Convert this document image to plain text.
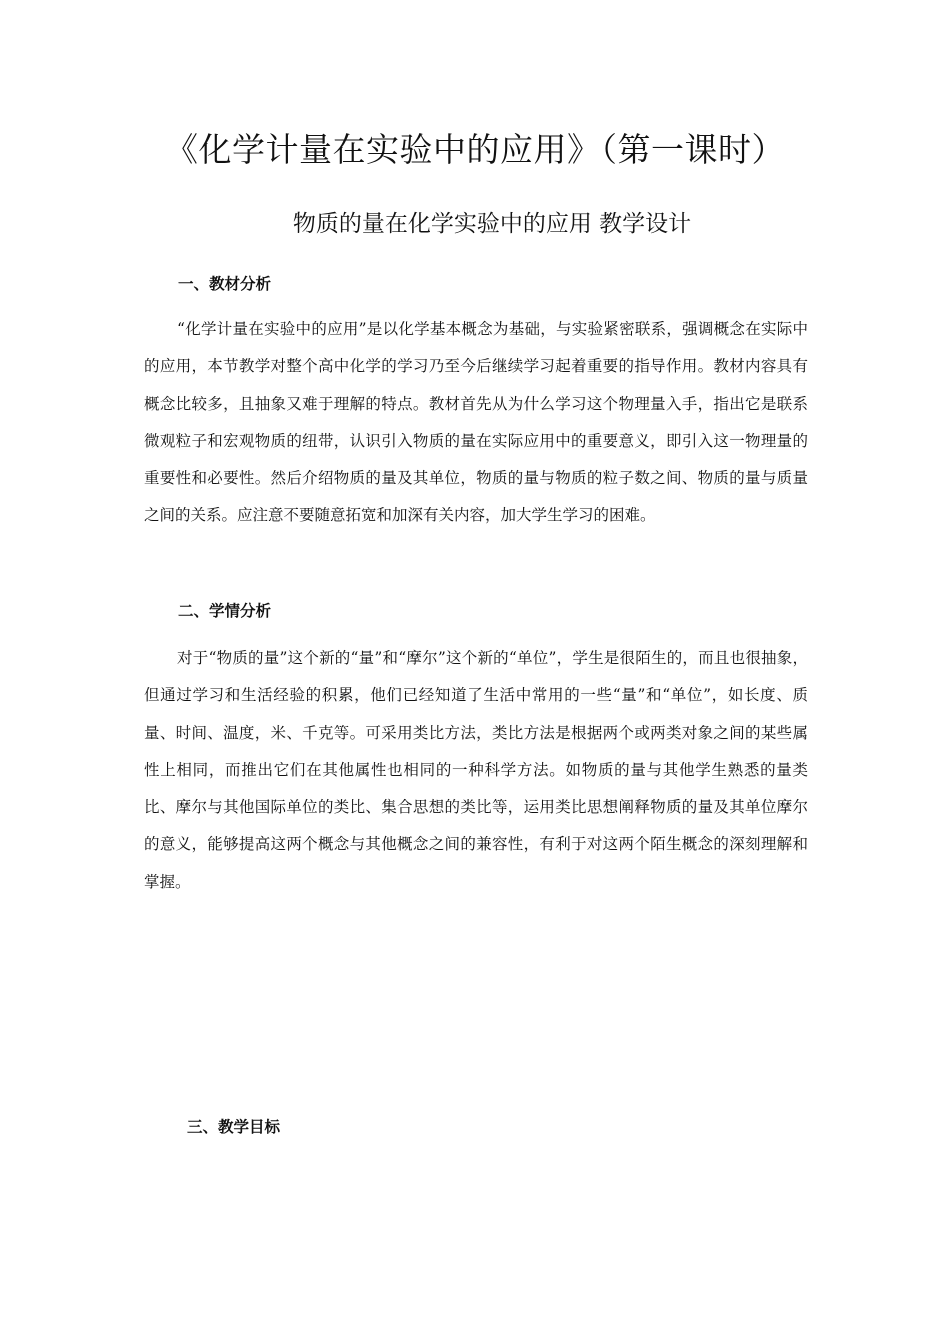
《化学计量在实验中的应用》（第一课时）
物质的量在化学实验中的应用 教学设计
一、教材分析

“化学计量在实验中的应用”是以化学基本概念为基础，与实验紧密联系，强调概念在实际中的应用，本节教学对整个高中化学的学习乃至今后继续学习起着重要的指导作用。教材内容具有概念比较多，且抽象又难于理解的特点。教材首先从为什么学习这个物理量入手，指出它是联系微观粒子和宏观物质的纽带，认识引入物质的量在实际应用中的重要意义，即引入这一物理量的重要性和必要性。然后介绍物质的量及其单位，物质的量与物质的粒子数之间、物质的量与质量之间的关系。应注意不要随意拓宽和加深有关内容，加大学生学习的困难。

二、学情分析

对于“物质的量”这个新的“量”和“摩尔”这个新的“单位”，学生是很陌生的，而且也很抽象，但通过学习和生活经验的积累，他们已经知道了生活中常用的一些“量”和“单位”，如长度、质量、时间、温度，米、千克等。可采用类比方法，类比方法是根据两个或两类对象之间的某些属性上相同，而推出它们在其他属性也相同的一种科学方法。如物质的量与其他学生熟悉的量类比、摩尔与其他国际单位的类比、集合思想的类比等，运用类比思想阐释物质的量及其单位摩尔的意义，能够提高这两个概念与其他概念之间的兼容性，有利于对这两个陌生概念的深刻理解和掌握。

三、教学目标
